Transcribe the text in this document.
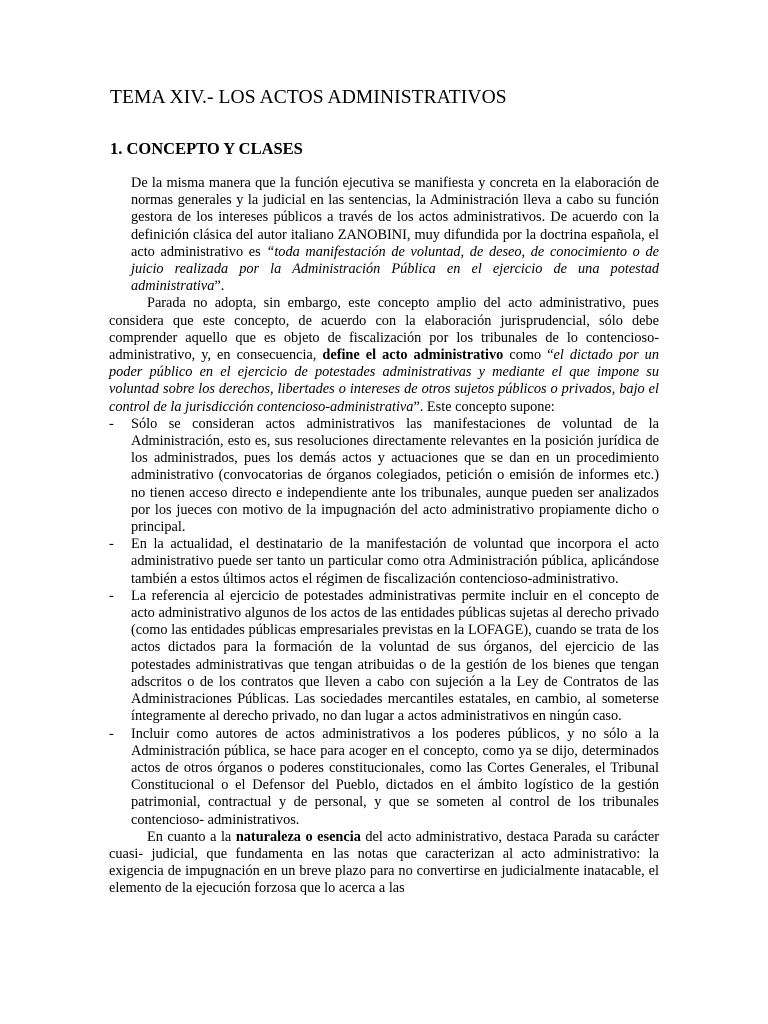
TEMA XIV.- LOS ACTOS ADMINISTRATIVOS
1. CONCEPTO Y CLASES

De la misma manera que la función ejecutiva se manifiesta y concreta en la elaboración de normas generales y la judicial en las sentencias, la Administración lleva a cabo su función gestora de los intereses públicos a través de los actos administrativos. De acuerdo con la definición clásica del autor italiano ZANOBINI, muy difundida por la doctrina española, el acto administrativo es “toda manifestación de voluntad, de deseo, de conocimiento o de juicio realizada por la Administración Pública en el ejercicio de una potestad administrativa”.

Parada no adopta, sin embargo, este concepto amplio del acto administrativo, pues considera que este concepto, de acuerdo con la elaboración jurisprudencial, sólo debe comprender aquello que es objeto de fiscalización por los tribunales de lo contencioso- administrativo, y, en consecuencia, define el acto administrativo como “el dictado por un poder público en el ejercicio de potestades administrativas y mediante el que impone su voluntad sobre los derechos, libertades o intereses de otros sujetos públicos o privados, bajo el control de la jurisdicción contencioso-administrativa”. Este concepto supone:

- Sólo se consideran actos administrativos las manifestaciones de voluntad de la Administración, esto es, sus resoluciones directamente relevantes en la posición jurídica de los administrados, pues los demás actos y actuaciones que se dan en un procedimiento administrativo (convocatorias de órganos colegiados, petición o emisión de informes etc.) no tienen acceso directo e independiente ante los tribunales, aunque pueden ser analizados por los jueces con motivo de la impugnación del acto administrativo propiamente dicho o principal.
- En la actualidad, el destinatario de la manifestación de voluntad que incorpora el acto administrativo puede ser tanto un particular como otra Administración pública, aplicándose también a estos últimos actos el régimen de fiscalización contencioso-administrativo.
- La referencia al ejercicio de potestades administrativas permite incluir en el concepto de acto administrativo algunos de los actos de las entidades públicas sujetas al derecho privado (como las entidades públicas empresariales previstas en la LOFAGE), cuando se trata de los actos dictados para la formación de la voluntad de sus órganos, del ejercicio de las potestades administrativas que tengan atribuidas o de la gestión de los bienes que tengan adscritos o de los contratos que lleven a cabo con sujeción a la Ley de Contratos de las Administraciones Públicas. Las sociedades mercantiles estatales, en cambio, al someterse íntegramente al derecho privado, no dan lugar a actos administrativos en ningún caso.
- Incluir como autores de actos administrativos a los poderes públicos, y no sólo a la Administración pública, se hace para acoger en el concepto, como ya se dijo, determinados actos de otros órganos o poderes constitucionales, como las Cortes Generales, el Tribunal Constitucional o el Defensor del Pueblo, dictados en el ámbito logístico de la gestión patrimonial, contractual y de personal, y que se someten al control de los tribunales contencioso- administrativos.

En cuanto a la naturaleza o esencia del acto administrativo, destaca Parada su carácter cuasi- judicial, que fundamenta en las notas que caracterizan al acto administrativo: la exigencia de impugnación en un breve plazo para no convertirse en judicialmente inatacable, el elemento de la ejecución forzosa que lo acerca a las
